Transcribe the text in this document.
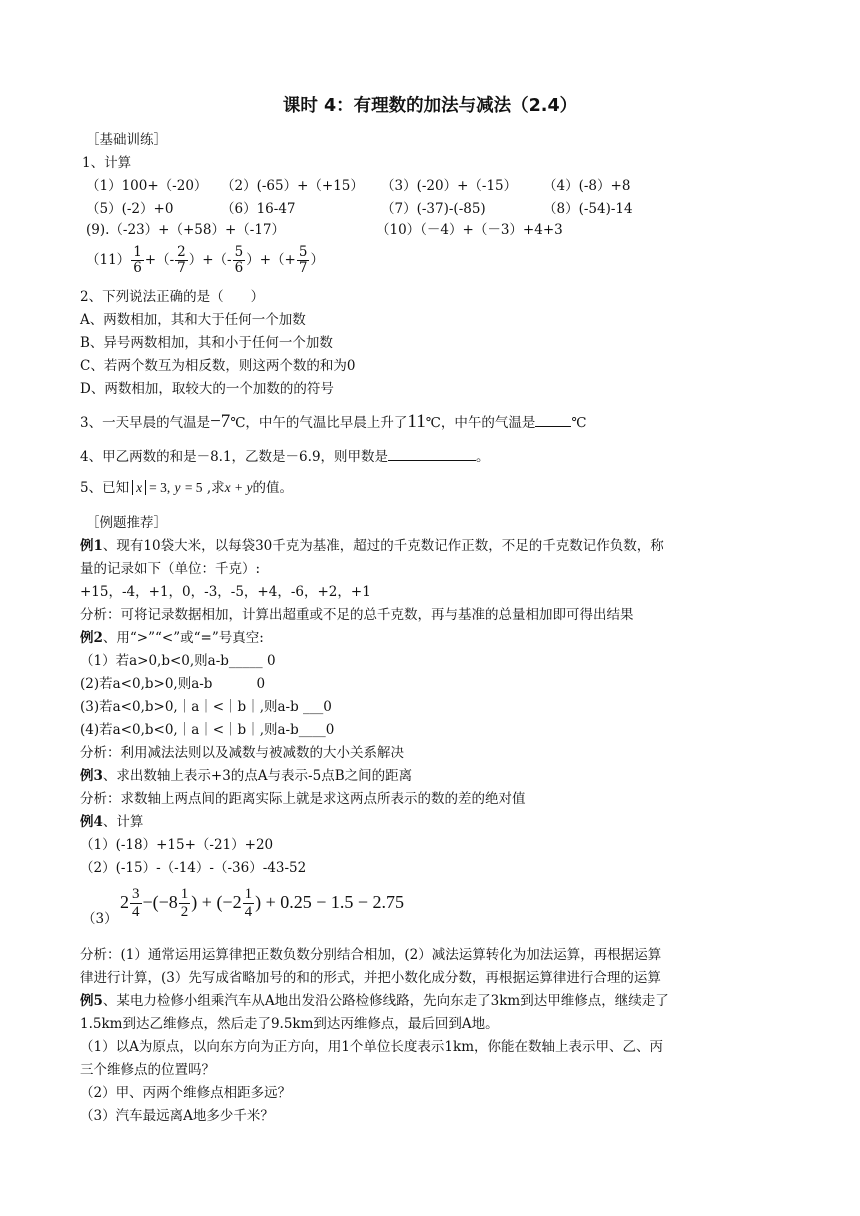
课时 4：有理数的加法与减法（2.4）
［基础训练］
1、计算
（1）100+（-20） （2）(-65）+（+15） （3）(-20）+（-15） （4）(-8）+8
（5）(-2）+0	（6）16-47	（7）(-37)-(-85)	（8）(-54)-14
(9).（-23）+（+58）+（-17）	（10）（－4）+（－3）+4+3
$(11) \frac{1}{6}$ +（- $\frac{2}{7}$ ）+（- $\frac{5}{6}$ ）+（+ $\frac{5}{7}$ ）
2、下列说法正确的是（　　）
A、两数相加，其和大于任何一个加数
B、异号两数相加，其和小于任何一个加数
C、若两个数互为相反数，则这两个数的和为0
D、两数相加，取较大的一个加数的的符号
3、一天早晨的气温是−7℃，中午的气温比早晨上升了11℃，中午的气温是	℃
4、甲乙两数的和是－8.1，乙数是－6.9，则甲数是	。
5、已知 x = 3, y = 5 ,求x + y的值。
［例题推荐］
例1、现有10袋大米，以每袋30千克为基准，超过的千克数记作正数，不足的千克数记作负数，称
量的记录如下（单位：千克）:
+15，-4，+1，0，-3，-5，+4，-6，+2，+1
分析：可将记录数据相加，计算出超重或不足的总千克数，再与基准的总量相加即可得出结果
例2、用“>”“<”或“=”号真空:
（1）若a>0,b<0,则a-b_____ 0
(2)若a<0,b>0,则a-b	0
(3)若a<0,b>0,｜a｜<｜b｜,则a-b ___0
(4)若a<0,b<0,｜a｜<｜b｜,则a-b____0
分析：利用减法法则以及减数与被减数的大小关系解决
例3、求出数轴上表示+3的点A与表示-5点B之间的距离
分析：求数轴上两点间的距离实际上就是求这两点所表示的数的差的绝对值
例4、计算
（1）(-18）+15+（-21）+20
（2）(-15）-（-14）-（-36）-43-52
（3）
$2 \frac{3}{4} -(-8 \frac{1}{2}$ ) + ($-2 \frac{1}{4}$ ) + 0.25 − 1.5 − 2.75
分析：(1）通常运用运算律把正数负数分别结合相加，(2）减法运算转化为加法运算，再根据运算
律进行计算，(3）先写成省略加号的和的形式，并把小数化成分数，再根据运算律进行合理的运算
例5、某电力检修小组乘汽车从A地出发沿公路检修线路，先向东走了3km到达甲维修点，继续走了
1.5km到达乙维修点，然后走了9.5km到达丙维修点，最后回到A地。
（1）以A为原点，以向东方向为正方向，用1个单位长度表示1km，你能在数轴上表示甲、乙、丙
三个维修点的位置吗？
（2）甲、丙两个维修点相距多远？
（3）汽车最远离A地多少千米？
